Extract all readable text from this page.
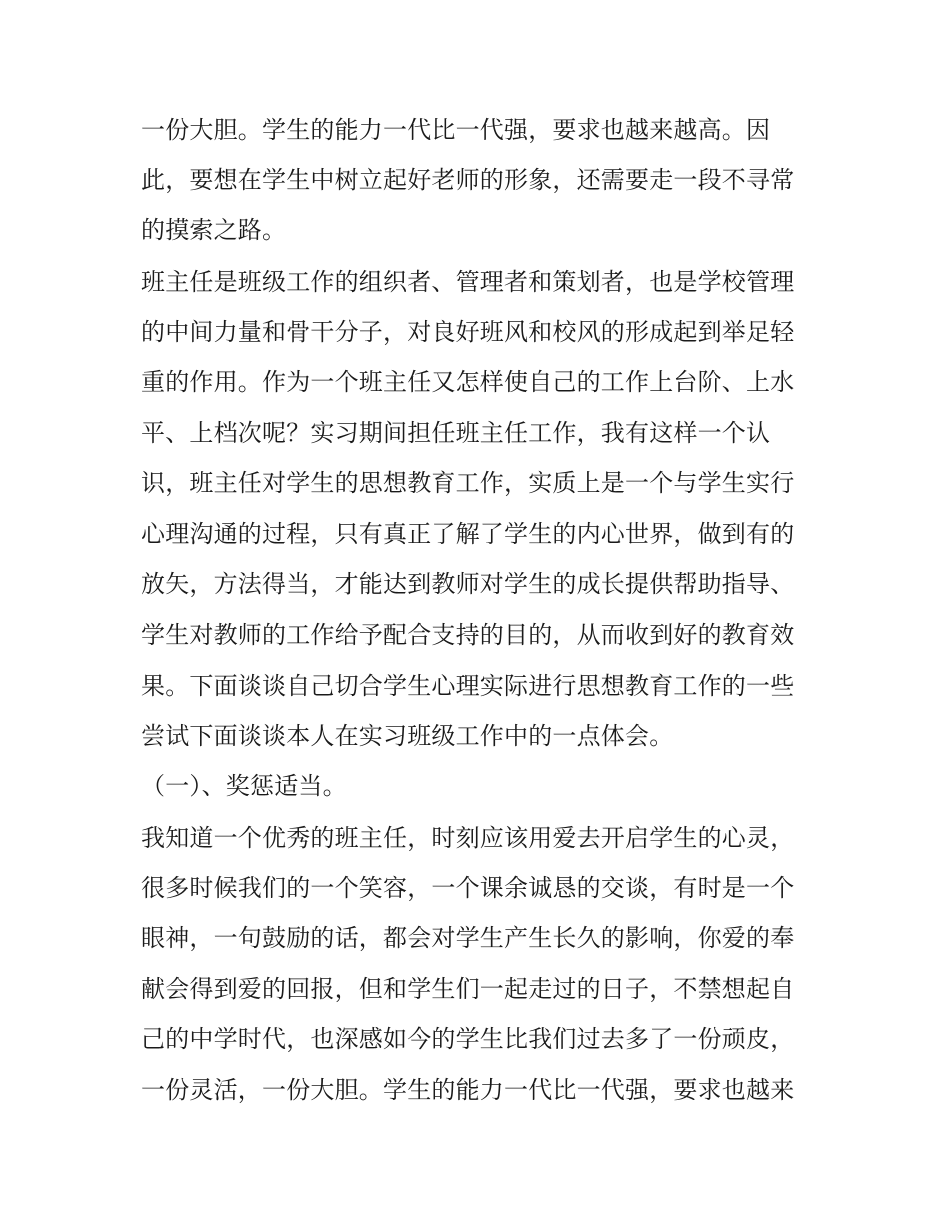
一份大胆。学生的能力一代比一代强，要求也越来越高。因
此，要想在学生中树立起好老师的形象，还需要走一段不寻常
的摸索之路。
班主任是班级工作的组织者、管理者和策划者，也是学校管理
的中间力量和骨干分子，对良好班风和校风的形成起到举足轻
重的作用。作为一个班主任又怎样使自己的工作上台阶、上水
平、上档次呢？实习期间担任班主任工作，我有这样一个认
识，班主任对学生的思想教育工作，实质上是一个与学生实行
心理沟通的过程，只有真正了解了学生的内心世界，做到有的
放矢，方法得当，才能达到教师对学生的成长提供帮助指导、
学生对教师的工作给予配合支持的目的，从而收到好的教育效
果。下面谈谈自己切合学生心理实际进行思想教育工作的一些
尝试下面谈谈本人在实习班级工作中的一点体会。
（一）、奖惩适当。
我知道一个优秀的班主任，时刻应该用爱去开启学生的心灵，
很多时候我们的一个笑容，一个课余诚恳的交谈，有时是一个
眼神，一句鼓励的话，都会对学生产生长久的影响，你爱的奉
献会得到爱的回报，但和学生们一起走过的日子，不禁想起自
己的中学时代，也深感如今的学生比我们过去多了一份顽皮，
一份灵活，一份大胆。学生的能力一代比一代强，要求也越来
